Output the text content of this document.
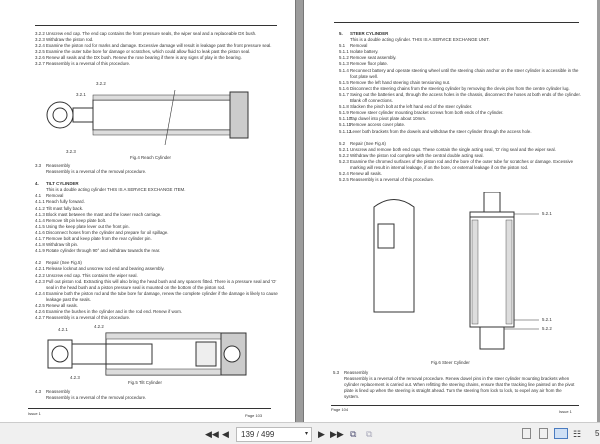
3.2.2 Unscrew end cap. The end cap contains the front pressure seals, the wiper seal and a replaceable DX bush.
3.2.3 Withdraw the piston rod.
3.2.4 Examine the piston rod for marks and damage. Excessive damage will result in leakage past the front pressure seal.
3.2.5 Examine the outer tube bore for damage or scratches, which could allow fluid to leak past the piston seal.
3.2.6 Renew all seals and the DX bush. Renew the rose bearing if there is any signs of play in the bearing.
3.2.7 Reassembly is a reversal of this procedure.
3.2.2
3.2.1
3.2.3
Fig.4 Reach Cylinder
3.3	Reassembly
Reassembly is a reversal of the removal procedure.
4.	TILT CYLINDER
This is a double acting cylinder THIS IS A SERVICE EXCHANGE ITEM.
4.1	Removal
4.1.1 Reach fully forward.
4.1.2 Tilt mast fully back.
4.1.3 Block mast between the mast and the lower reach carriage.
4.1.4 Remove tilt pin keep plate bolt.
4.1.5 Using the keep plate lever out the front pin.
4.1.6 Disconnect hoses from the cylinder and prepare for oil spillage.
4.1.7 Remove bolt and keep plate from the rear cylinder pin.
4.1.8 Withdraw tilt pin.
4.1.9 Rotate cylinder through 90° and withdraw towards the rear.
4.2	Repair (See Fig.5)
4.2.1 Release locknut and unscrew rod end and bearing assembly.
4.2.2 Unscrew end cap. This contains the wiper seal.
4.2.3 Pull out piston rod. Extracting this will also bring the head bush and any spacers fitted. There is a pressure seal and 'O' seal in the head bush and a piston pressure seal is mounted on the bottom of the piston rod.
4.2.4 Examine both the piston rod and the tube bore for damage, renew the complete cylinder if the damage is likely to cause leakage past the seals.
4.2.5 Renew all seals.
4.2.6 Examine the bushes in the cylinder and in the rod end. Renew if worn.
4.2.7 Reassembly is a reversal of this procedure.
4.2.1
4.2.2
4.2.3
Fig.5 Tilt Cylinder
4.3	Reassembly
Reassembly is a reversal of the removal procedure.
Issue 1	Page 103
5.	STEER CYLINDER
This is a double acting cylinder. THIS IS A SERVICE EXCHANGE UNIT.
5.1	Removal
5.1.1 Isolate battery.
5.1.2 Remove seat assembly.
5.1.3 Remove floor plate.
5.1.4 Reconnect battery and operate steering wheel until the steering chain anchor on the steer cylinder is accessible in the foot plate well.
5.1.5 Remove the left hand steering chain tensioning nut.
5.1.6 Disconnect the steering chains from the steering cylinder by removing the clevis pins from the centre cylinder lug.
5.1.7 Swing out the batteries and, through the access holes in the chassis, disconnect the hoses at both ends of the cylinder. Blank off connections.
5.1.8 Slacken the pinch bolt at the left hand end of the steer cylinder.
5.1.9 Remove steer cylinder mounting bracket screws from both ends of the cylinder.
5.1.10
Tap dowel into pivot plate about 10mm.
5.1.11 Remove access cover plate.
5.1.12
Lever both brackets from the dowels and withdraw the steer cylinder through the access hole.
5.2	Repair (See Fig.6)
5.2.1 Unscrew and remove both end caps. These contain the single acting seal, 'O' ring seal and the wiper seal.
5.2.2 Withdraw the piston rod complete with the central double acting seal.
5.2.3 Examine the chromed surfaces of the piston rod and the bore of the outer tube for scratches or damage. Excessive marking will result in internal leakage, if on the bore, or external leakage if on the piston rod.
5.2.4 Renew all seals.
5.2.5 Reassembly is a reversal of this procedure.
5.2.1
5.2.1
5.2.2
Fig.6 Steer Cylinder
5.3	Reassembly
Reassembly is a reversal of the removal procedure. Renew dowel pins in the steer cylinder mounting brackets when cylinder replacement is carried out. When refitting the steering chains, ensure that the tracking line painted on the pivot plate is lined up when the steering is straight ahead. Turn the steering from lock to lock, to expel any air from the system.
Page 104	Issue 1
◀◀ ◀	139 / 499	▾ ▶ ▶▶ ⧉ ⧉	☷ 5
